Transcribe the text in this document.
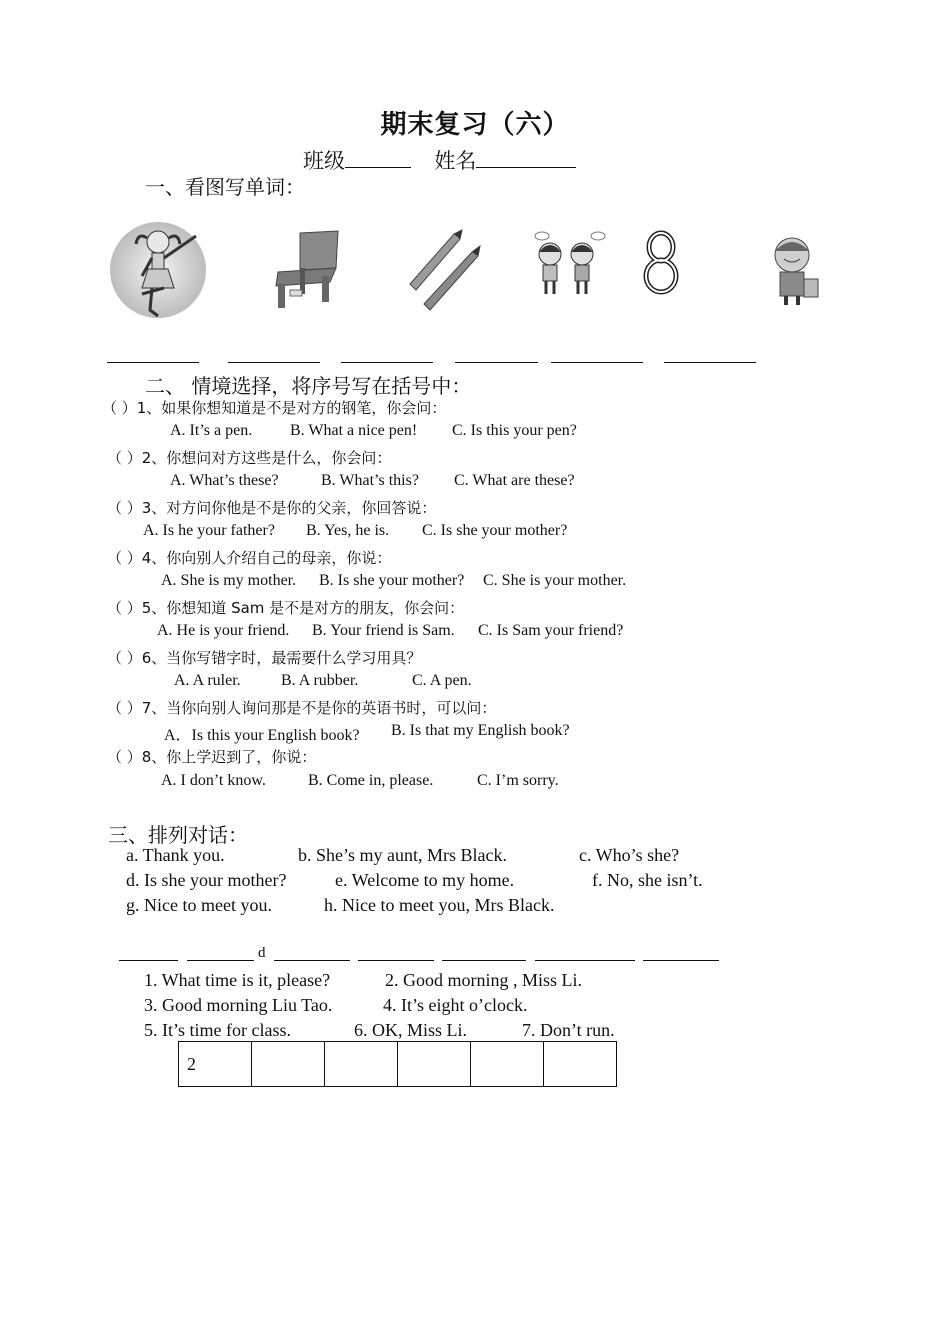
期末复习（六）
班级	姓名
一、看图写单词：
二、 情境选择，将序号写在括号中：
（ ）1、如果你想知道是不是对方的钢笔，你会问：
A. It’s a pen. B. What a nice pen! C. Is this your pen?
（ ）2、你想问对方这些是什么，你会问：
A. What’s these?	B. What’s this? C. What are these?
（ ）3、对方问你他是不是你的父亲，你回答说：
A. Is he your father? B. Yes, he is. C. Is she your mother?
（ ）4、你向别人介绍自己的母亲，你说：
A. She is my mother. B. Is she your mother? C. She is your mother.
（ ）5、你想知道 Sam 是不是对方的朋友，你会问：
A. He is your friend. B. Your friend is Sam. C. Is Sam your friend?
（ ）6、当你写错字时，最需要什么学习用具？
A. A ruler.	B. A rubber.	C. A pen.
（ ）7、当你向别人询问那是不是你的英语书时，可以问：
A．Is this your English book? B. Is that my English book?
（ ）8、你上学迟到了，你说：
A. I don’t know.	B. Come in, please.	C. I’m sorry.
三、排列对话：
a. Thank you.	b. She’s my aunt, Mrs Black.	c. Who’s she?
d. Is she your mother?	e. Welcome to my home.	f. No, she isn’t.
g. Nice to meet you.	h. Nice to meet you, Mrs Black.
d
1. What time is it, please?	2. Good morning , Miss Li.
3. Good morning Liu Tao.	4. It’s eight o’clock.
5. It’s time for class.	6. OK, Miss Li.	7. Don’t run.
2					
